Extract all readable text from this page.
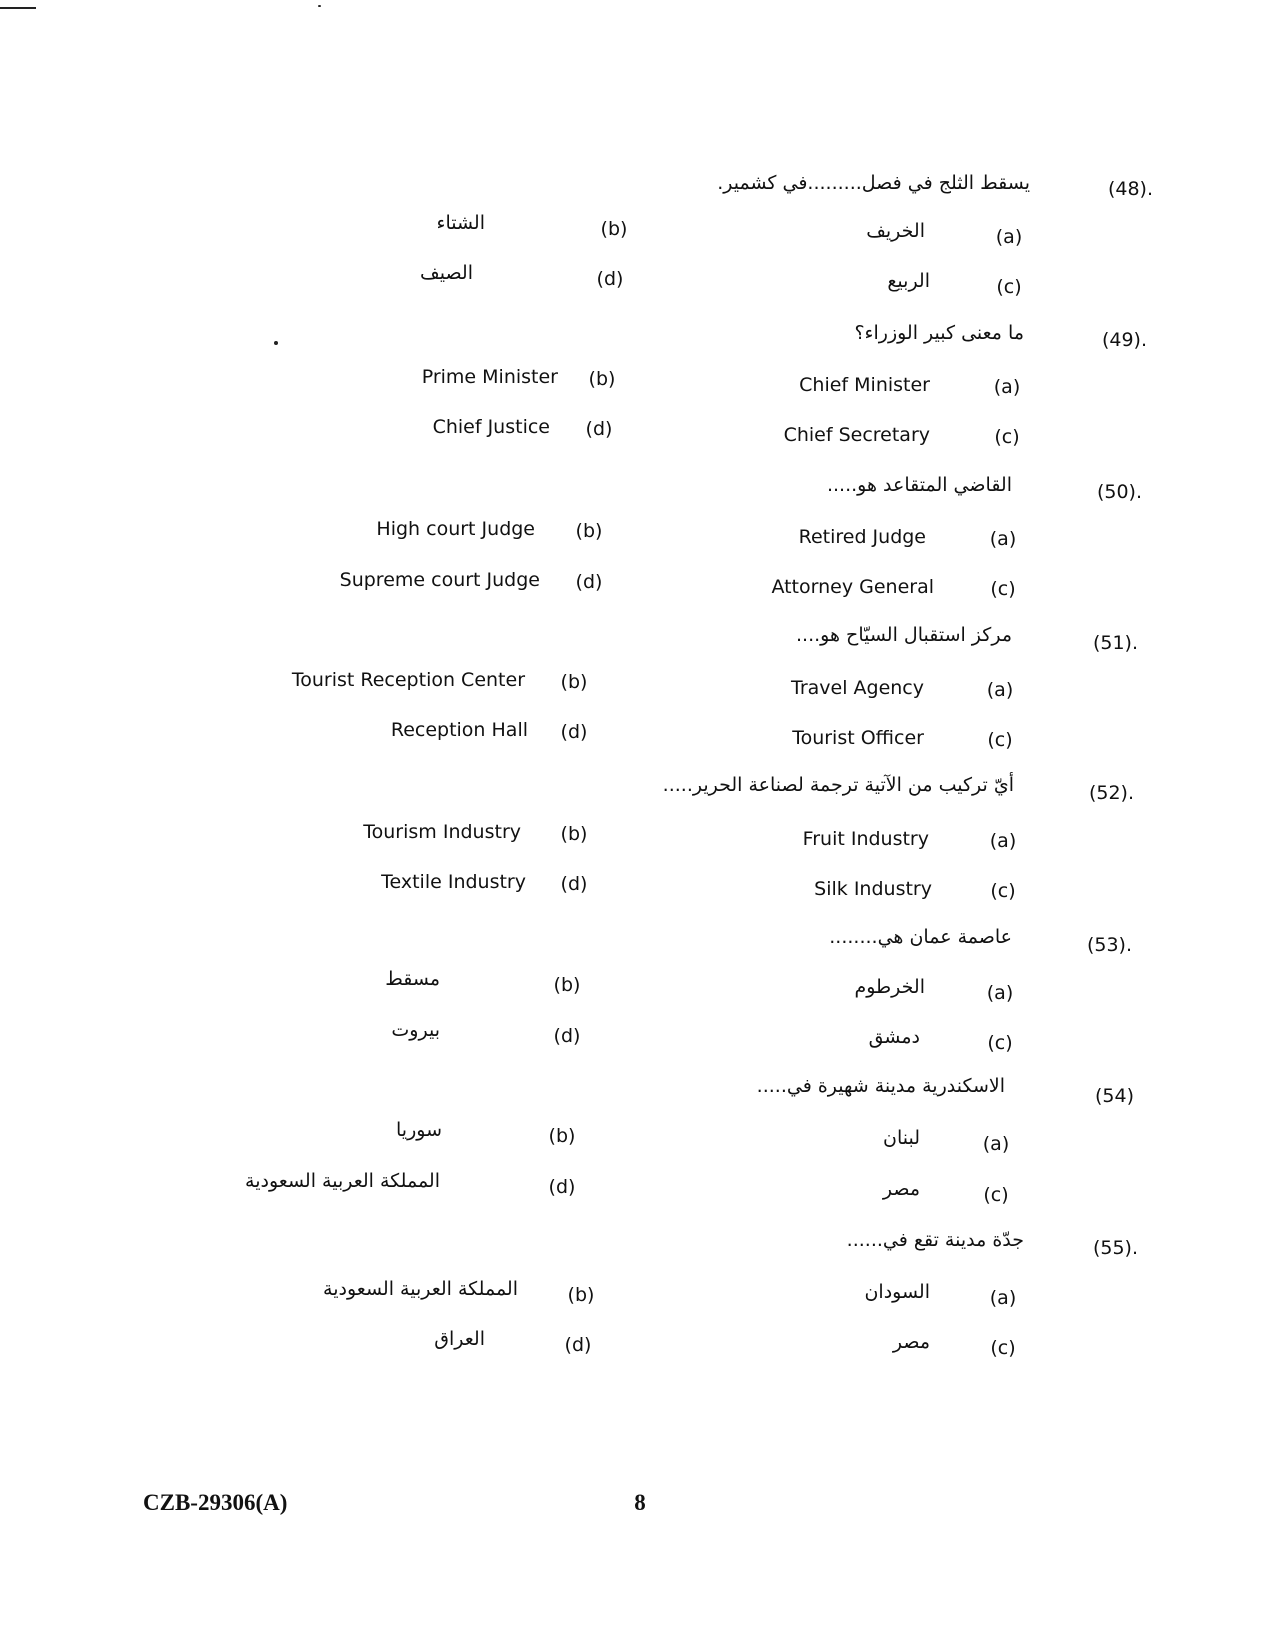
(48).
يسقط الثلج في فصل.........في كشمير.
(a)
الخريف
(b)
الشتاء
(c)
الربيع
(d)
الصيف
(49).
ما معنى كبير الوزراء؟
(a)
Chief Minister
(b)
Prime Minister
(c)
Chief Secretary
(d)
Chief Justice
(50).
القاضي المتقاعد هو.....
(a)
Retired Judge
(b)
High court Judge
(c)
Attorney General
(d)
Supreme court Judge
(51).
مركز استقبال السيّاح هو....
(a)
Travel Agency
(b)
Tourist Reception Center
(c)
Tourist Officer
(d)
Reception Hall
(52).
أيّ تركيب من الآتية ترجمة لصناعة الحرير.....
(a)
Fruit Industry
(b)
Tourism Industry
(c)
Silk Industry
(d)
Textile Industry
(53).
عاصمة عمان هي........
(a)
الخرطوم
(b)
مسقط
(c)
دمشق
(d)
بيروت
(54)
الاسكندرية مدينة شهيرة في.....
(a)
لبنان
(b)
سوريا
(c)
مصر
(d)
المملكة العربية السعودية
(55).
جدّة مدينة تقع في......
(a)
السودان
(b)
المملكة العربية السعودية
(c)
مصر
(d)
العراق
CZB-29306(A)	8
